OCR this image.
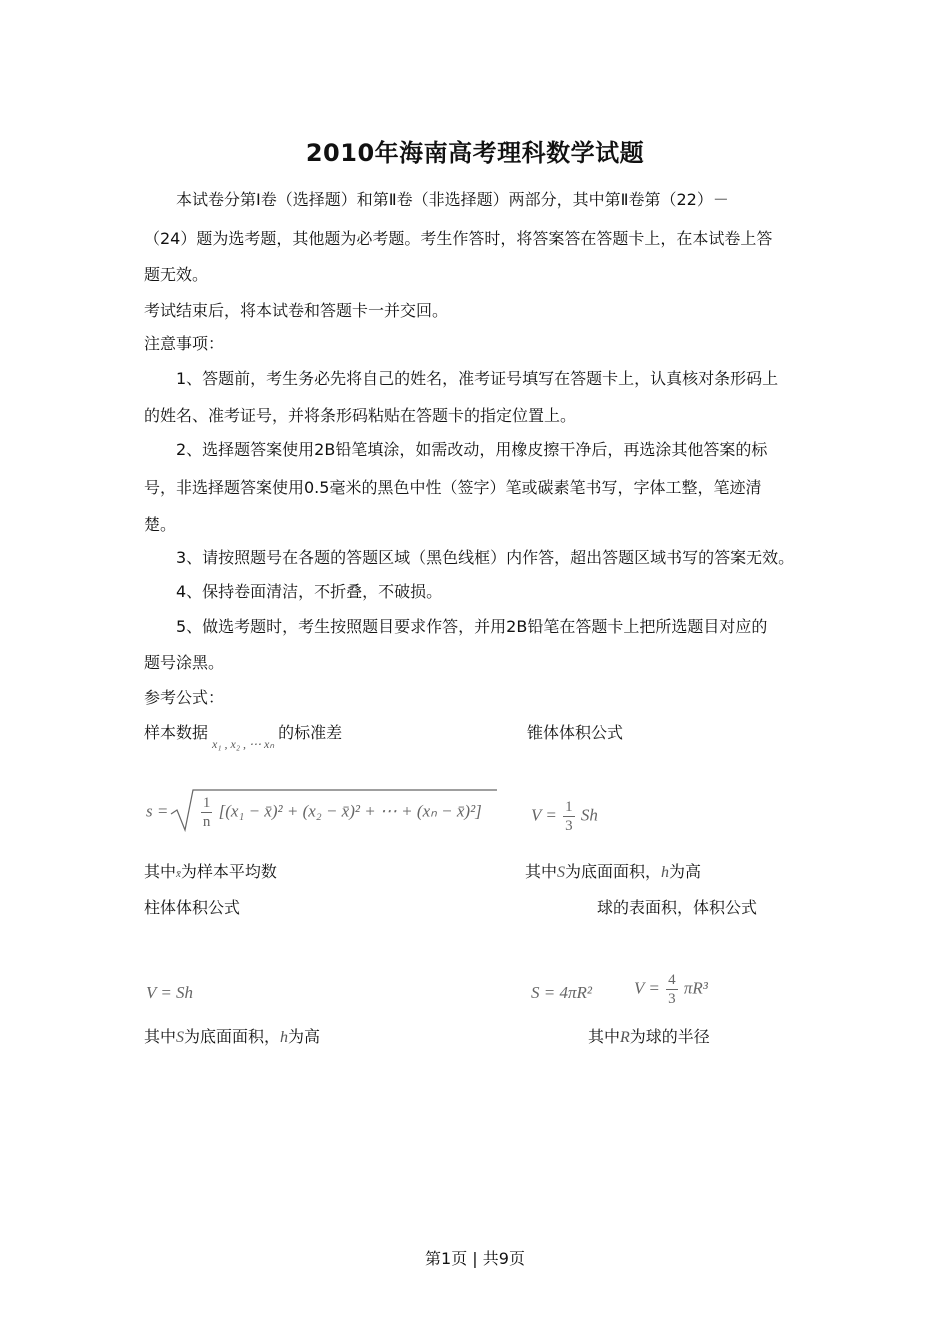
2010年海南高考理科数学试题
本试卷分第Ⅰ卷（选择题）和第Ⅱ卷（非选择题）两部分，其中第Ⅱ卷第（22）－
（24）题为选考题，其他题为必考题。考生作答时，将答案答在答题卡上，在本试卷上答
题无效。
考试结束后，将本试卷和答题卡一并交回。
注意事项：
1、答题前，考生务必先将自己的姓名，准考证号填写在答题卡上，认真核对条形码上
的姓名、准考证号，并将条形码粘贴在答题卡的指定位置上。
2、选择题答案使用2B铅笔填涂，如需改动，用橡皮擦干净后，再选涂其他答案的标
号，非选择题答案使用0.5毫米的黑色中性（签字）笔或碳素笔书写，字体工整，笔迹清
楚。
3、请按照题号在各题的答题区域（黑色线框）内作答，超出答题区域书写的答案无效。
4、保持卷面清洁，不折叠，不破损。
5、做选考题时，考生按照题目要求作答，并用2B铅笔在答题卡上把所选题目对应的
题号涂黑。
参考公式：
样本数据$_{x_1 , x_2 , \cdots x_n}$的标准差	锥体体积公式
s =
$\frac{1}{n} [(x_1$ − x̄)² + (x₂ − x̄)² + ⋯ + (xₙ − x̄)²]	$V = \frac{1}{3}$ Sh
其中x̄为样本平均数	其中S为底面面积，h为高
柱体体积公式	球的表面积，体积公式
V = Sh	S = 4πR² $V = \frac{4}{3} \pi R^3$
其中S为底面面积，h为高	其中R为球的半径
第1页 | 共9页
